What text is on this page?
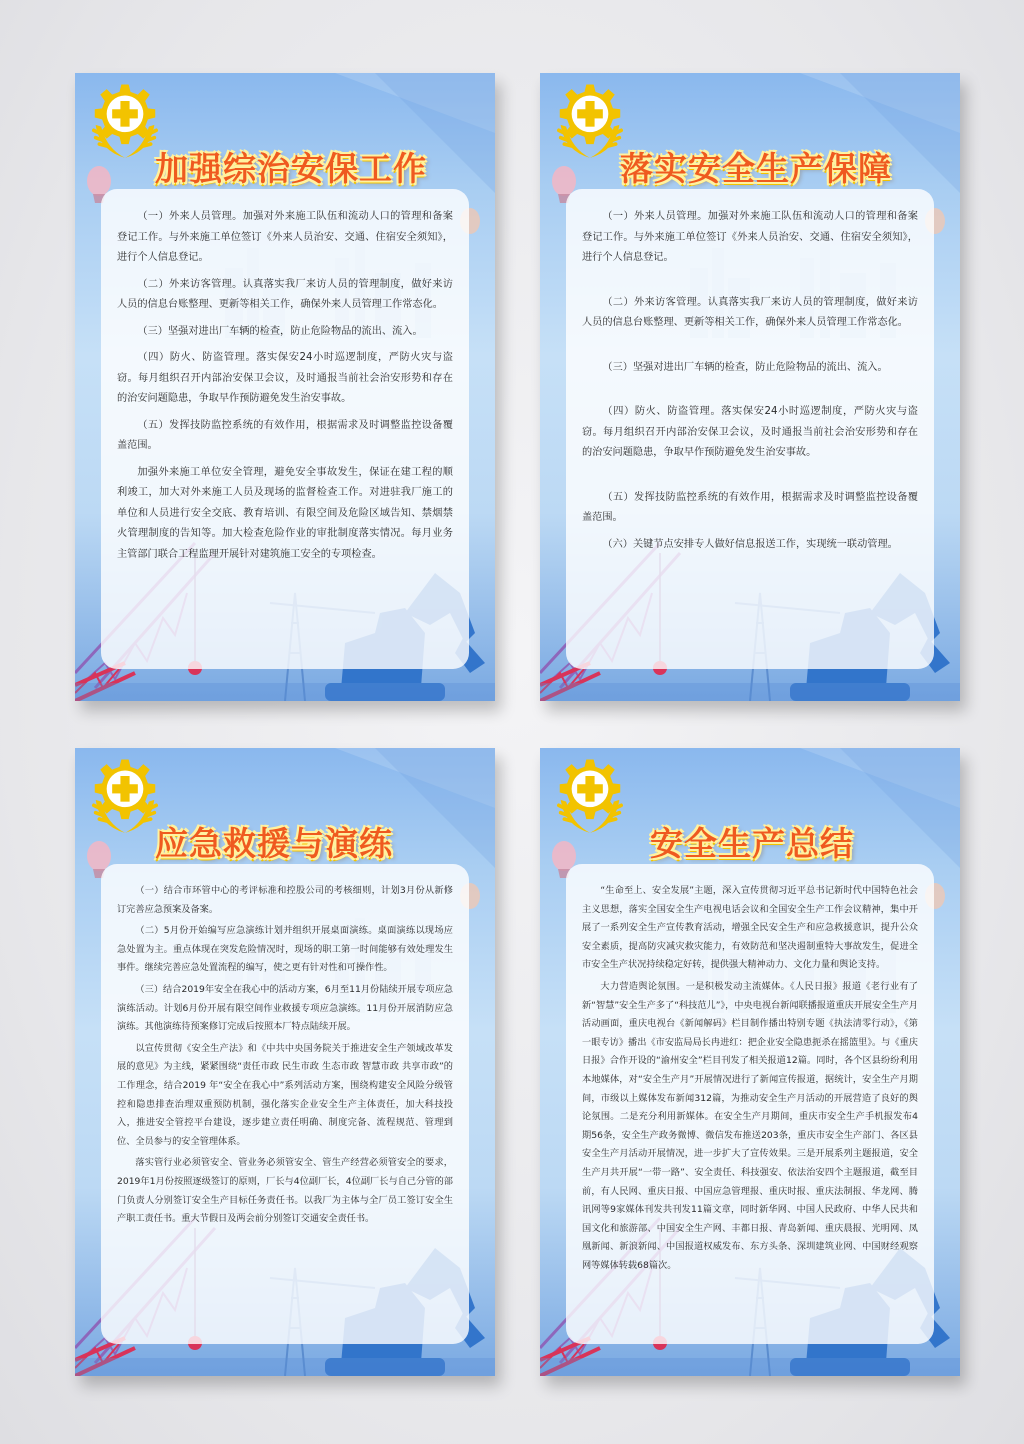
加强综治安保工作

（一）外来人员管理。加强对外来施工队伍和流动人口的管理和备案登记工作。与外来施工单位签订《外来人员治安、交通、住宿安全须知》，进行个人信息登记。

（二）外来访客管理。认真落实我厂来访人员的管理制度，做好来访人员的信息台账整理、更新等相关工作，确保外来人员管理工作常态化。

（三）坚强对进出厂车辆的检查，防止危险物品的流出、流入。

（四）防火、防盗管理。落实保安24小时巡逻制度，严防火灾与盗窃。每月组织召开内部治安保卫会议，及时通报当前社会治安形势和存在的治安问题隐患，争取早作预防避免发生治安事故。

（五）发挥技防监控系统的有效作用，根据需求及时调整监控设备覆盖范围。

加强外来施工单位安全管理，避免安全事故发生，保证在建工程的顺利竣工，加大对外来施工人员及现场的监督检查工作。对进驻我厂施工的单位和人员进行安全交底、教育培训、有限空间及危险区域告知、禁烟禁火管理制度的告知等。加大检查危险作业的审批制度落实情况。每月业务主管部门联合工程监理开展针对建筑施工安全的专项检查。

落实安全生产保障

（一）外来人员管理。加强对外来施工队伍和流动人口的管理和备案登记工作。与外来施工单位签订《外来人员治安、交通、住宿安全须知》，进行个人信息登记。

（二）外来访客管理。认真落实我厂来访人员的管理制度，做好来访人员的信息台账整理、更新等相关工作，确保外来人员管理工作常态化。

（三）坚强对进出厂车辆的检查，防止危险物品的流出、流入。

（四）防火、防盗管理。落实保安24小时巡逻制度，严防火灾与盗窃。每月组织召开内部治安保卫会议，及时通报当前社会治安形势和存在的治安问题隐患，争取早作预防避免发生治安事故。

（五）发挥技防监控系统的有效作用，根据需求及时调整监控设备覆盖范围。

（六）关键节点安排专人做好信息报送工作，实现统一联动管理。

应急救援与演练

（一）结合市环管中心的考评标准和控股公司的考核细则，计划3月份从新修订完善应急预案及备案。

（二）5月份开始编写应急演练计划并组织开展桌面演练。桌面演练以现场应急处置为主。重点体现在突发危险情况时，现场的职工第一时间能够有效处理发生事件。继续完善应急处置流程的编写，使之更有针对性和可操作性。

（三）结合2019年安全在我心中的活动方案，6月至11月份陆续开展专项应急演练活动。计划6月份开展有限空间作业救援专项应急演练。11月份开展消防应急演练。其他演练待预案修订完成后按照本厂特点陆续开展。

以宣传贯彻《安全生产法》和《中共中央国务院关于推进安全生产领域改革发展的意见》为主线，紧紧围绕“责任市政 民生市政 生态市政 智慧市政 共享市政”的工作理念，结合2019 年“安全在我心中”系列活动方案，围绕构建安全风险分级管控和隐患排查治理双重预防机制，强化落实企业安全生产主体责任，加大科技投入，推进安全管控平台建设，逐步建立责任明确、制度完备、流程规范、管理到位、全员参与的安全管理体系。

落实管行业必须管安全、管业务必须管安全、管生产经营必须管安全的要求，2019年1月份按照逐级签订的原则，厂长与4位副厂长，4位副厂长与自己分管的部门负责人分别签订安全生产目标任务责任书。以我厂为主体与全厂员工签订安全生产职工责任书。重大节假日及两会前分别签订交通安全责任书。

安全生产总结

“生命至上、安全发展”主题，深入宣传贯彻习近平总书记新时代中国特色社会主义思想，落实全国安全生产电视电话会议和全国安全生产工作会议精神，集中开展了一系列安全生产宣传教育活动，增强全民安全生产和应急救援意识，提升公众安全素质，提高防灾减灾救灾能力，有效防范和坚决遏制重特大事故发生，促进全市安全生产状况持续稳定好转，提供强大精神动力、文化力量和舆论支持。

大力营造舆论氛围。一是积极发动主流媒体。《人民日报》报道《老行业有了新“智慧”安全生产多了“科技范儿”》，中央电视台新闻联播报道重庆开展安全生产月活动画面，重庆电视台《新闻解码》栏目制作播出特别专题《执法清零行动》，《第一眼专访》播出《市安监局局长冉进红：把企业安全隐患扼杀在摇篮里》。与《重庆日报》合作开设的“渝州安全”栏目刊发了相关报道12篇。同时，各个区县纷纷利用本地媒体，对“安全生产月”开展情况进行了新闻宣传报道，据统计，安全生产月期间，市级以上媒体发布新闻312篇，为推动安全生产月活动的开展营造了良好的舆论氛围。二是充分利用新媒体。在安全生产月期间，重庆市安全生产手机报发布4期56条，安全生产政务微博、微信发布推送203条，重庆市安全生产部门、各区县安全生产月活动开展情况，进一步扩大了宣传效果。三是开展系列主题报道，安全生产月共开展“一带一路”、安全责任、科技强安、依法治安四个主题报道，截至目前，有人民网、重庆日报、中国应急管理报、重庆时报、重庆法制报、华龙网、腾讯网等9家媒体刊发共刊发11篇文章，同时新华网、中国人民政府、中华人民共和国文化和旅游部、中国安全生产网、丰都日报、青岛新闻、重庆晨报、光明网、凤凰新闻、新浪新闻、中国报道权威发布、东方头条、深圳建筑业网、中国财经观察网等媒体转载68篇次。
